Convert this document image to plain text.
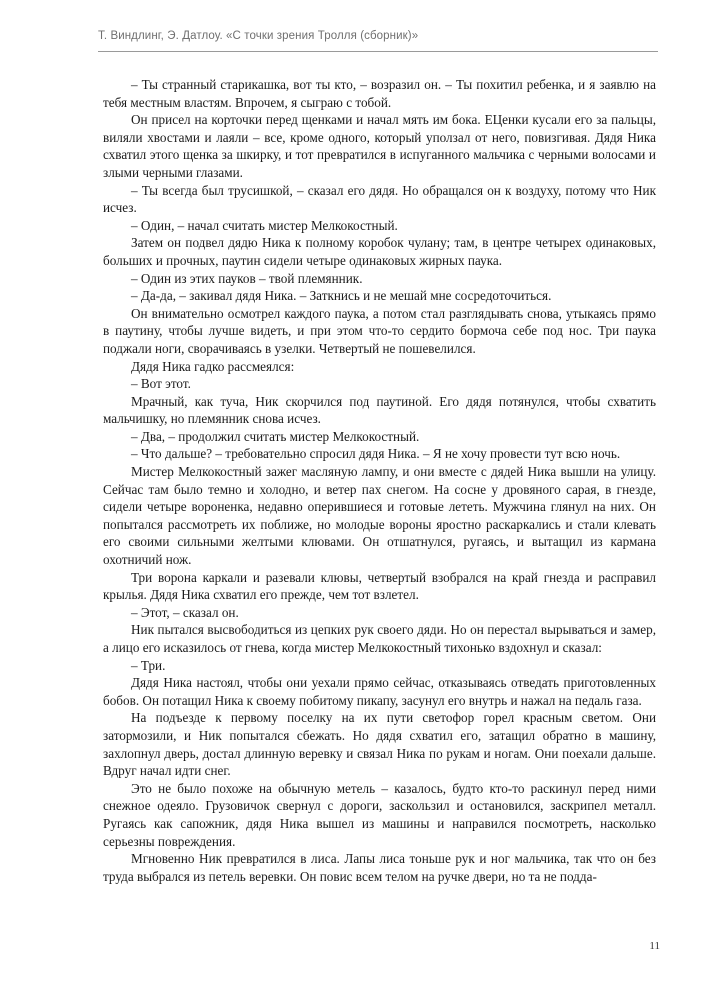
Т. Виндлинг, Э. Датлоу. «С точки зрения Тролля (сборник)»

– Ты странный старикашка, вот ты кто, – возразил он. – Ты похитил ребенка, и я заявлю на тебя местным властям. Впрочем, я сыграю с тобой.

Он присел на корточки перед щенками и начал мять им бока. ЕЦенки кусали его за пальцы, виляли хвостами и лаяли – все, кроме одного, который уползал от него, повизгивая. Дядя Ника схватил этого щенка за шкирку, и тот превратился в испуганного мальчика с черными волосами и злыми черными глазами.

– Ты всегда был трусишкой, – сказал его дядя. Но обращался он к воздуху, потому что Ник исчез.

– Один, – начал считать мистер Мелкокостный.

Затем он подвел дядю Ника к полному коробок чулану; там, в центре четырех одинаковых, больших и прочных, паутин сидели четыре одинаковых жирных паука.

– Один из этих пауков – твой племянник.

– Да-да, – закивал дядя Ника. – Заткнись и не мешай мне сосредоточиться.

Он внимательно осмотрел каждого паука, а потом стал разглядывать снова, утыкаясь прямо в паутину, чтобы лучше видеть, и при этом что-то сердито бормоча себе под нос. Три паука поджали ноги, сворачиваясь в узелки. Четвертый не пошевелился.

Дядя Ника гадко рассмеялся:

– Вот этот.

Мрачный, как туча, Ник скорчился под паутиной. Его дядя потянулся, чтобы схватить мальчишку, но племянник снова исчез.

– Два, – продолжил считать мистер Мелкокостный.

– Что дальше? – требовательно спросил дядя Ника. – Я не хочу провести тут всю ночь.

Мистер Мелкокостный зажег масляную лампу, и они вместе с дядей Ника вышли на улицу. Сейчас там было темно и холодно, и ветер пах снегом. На сосне у дровяного сарая, в гнезде, сидели четыре вороненка, недавно оперившиеся и готовые лететь. Мужчина глянул на них. Он попытался рассмотреть их поближе, но молодые вороны яростно раскаркались и стали клевать его своими сильными желтыми клювами. Он отшатнулся, ругаясь, и вытащил из кармана охотничий нож.

Три ворона каркали и разевали клювы, четвертый взобрался на край гнезда и расправил крылья. Дядя Ника схватил его прежде, чем тот взлетел.

– Этот, – сказал он.

Ник пытался высвободиться из цепких рук своего дяди. Но он перестал вырываться и замер, а лицо его исказилось от гнева, когда мистер Мелкокостный тихонько вздохнул и сказал:

– Три.

Дядя Ника настоял, чтобы они уехали прямо сейчас, отказываясь отведать приготовленных бобов. Он потащил Ника к своему побитому пикапу, засунул его внутрь и нажал на педаль газа.

На подъезде к первому поселку на их пути светофор горел красным светом. Они затормозили, и Ник попытался сбежать. Но дядя схватил его, затащил обратно в машину, захлопнул дверь, достал длинную веревку и связал Ника по рукам и ногам. Они поехали дальше. Вдруг начал идти снег.

Это не было похоже на обычную метель – казалось, будто кто-то раскинул перед ними снежное одеяло. Грузовичок свернул с дороги, заскользил и остановился, заскрипел металл. Ругаясь как сапожник, дядя Ника вышел из машины и направился посмотреть, насколько серьезны повреждения.

Мгновенно Ник превратился в лиса. Лапы лиса тоньше рук и ног мальчика, так что он без труда выбрался из петель веревки. Он повис всем телом на ручке двери, но та не подда-

11
